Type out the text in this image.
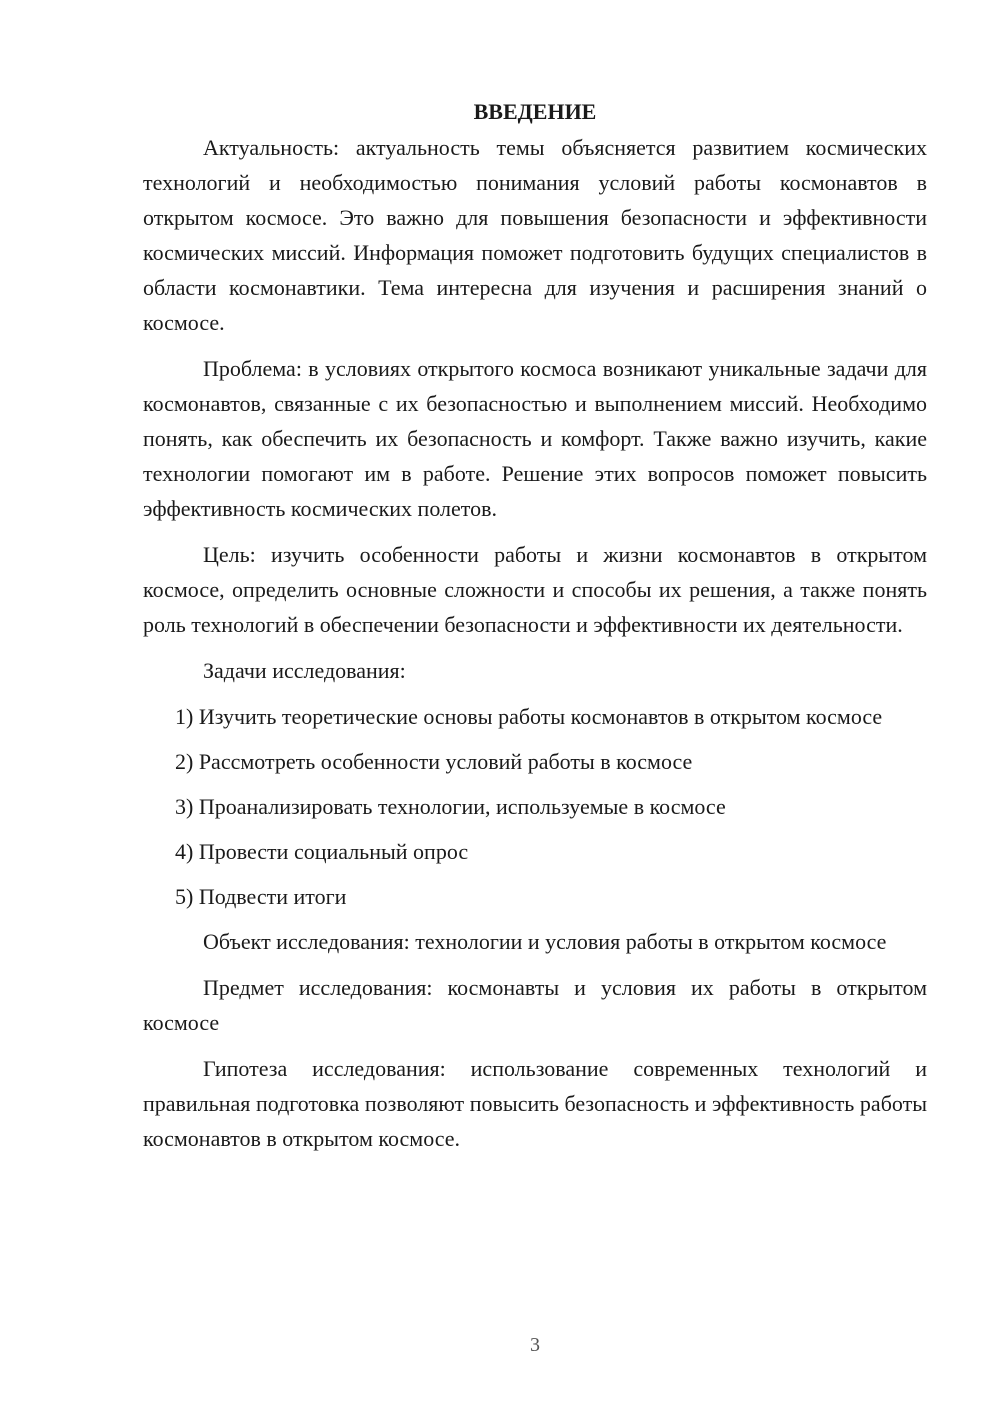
ВВЕДЕНИЕ

Актуальность: актуальность темы объясняется развитием космических технологий и необходимостью понимания условий работы космонавтов в открытом космосе. Это важно для повышения безопасности и эффективности космических миссий. Информация поможет подготовить будущих специалистов в области космонавтики. Тема интересна для изучения и расширения знаний о космосе.

Проблема: в условиях открытого космоса возникают уникальные задачи для космонавтов, связанные с их безопасностью и выполнением миссий. Необходимо понять, как обеспечить их безопасность и комфорт. Также важно изучить, какие технологии помогают им в работе. Решение этих вопросов поможет повысить эффективность космических полетов.

Цель: изучить особенности работы и жизни космонавтов в открытом космосе, определить основные сложности и способы их решения, а также понять роль технологий в обеспечении безопасности и эффективности их деятельности.

Задачи исследования:

1) Изучить теоретические основы работы космонавтов в открытом космосе

2) Рассмотреть особенности условий работы в космосе

3) Проанализировать технологии, используемые в космосе

4) Провести социальный опрос

5) Подвести итоги

Объект исследования: технологии и условия работы в открытом космосе

Предмет исследования: космонавты и условия их работы в открытом космосе

Гипотеза исследования: использование современных технологий и правильная подготовка позволяют повысить безопасность и эффективность работы космонавтов в открытом космосе.

3
